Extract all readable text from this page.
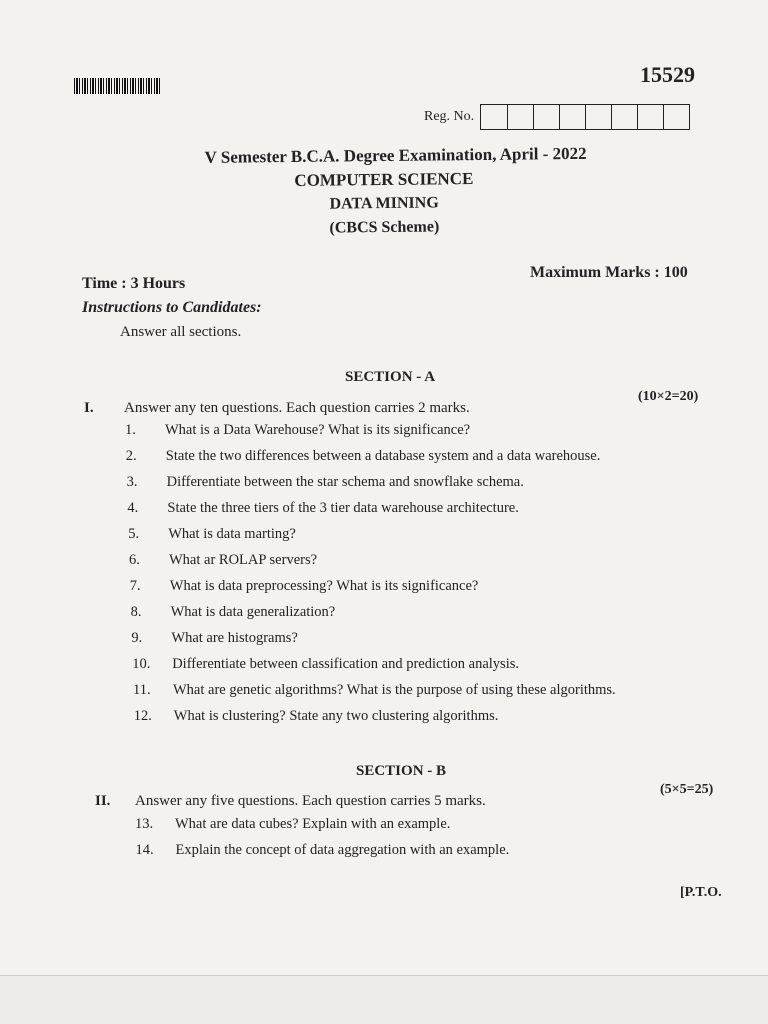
15529
Reg. No.
V Semester B.C.A. Degree Examination, April - 2022
COMPUTER SCIENCE
DATA MINING
(CBCS Scheme)
Time : 3 Hours
Maximum Marks : 100
Instructions to Candidates:
Answer all sections.
SECTION - A
I.	Answer any ten questions. Each question carries 2 marks.
(10×2=20)
1.	What is a Data Warehouse? What is its significance?
2.	State the two differences between a database system and a data warehouse.
3.	Differentiate between the star schema and snowflake schema.
4.	State the three tiers of the 3 tier data warehouse architecture.
5.	What is data marting?
6.	What ar ROLAP servers?
7.	What is data preprocessing? What is its significance?
8.	What is data generalization?
9.	What are histograms?
10.	Differentiate between classification and prediction analysis.
11.	What are genetic algorithms? What is the purpose of using these algorithms.
12.	What is clustering? State any two clustering algorithms.
SECTION - B
II.	Answer any five questions. Each question carries 5 marks.
(5×5=25)
13.	What are data cubes? Explain with an example.
14.	Explain the concept of data aggregation with an example.
[P.T.O.
